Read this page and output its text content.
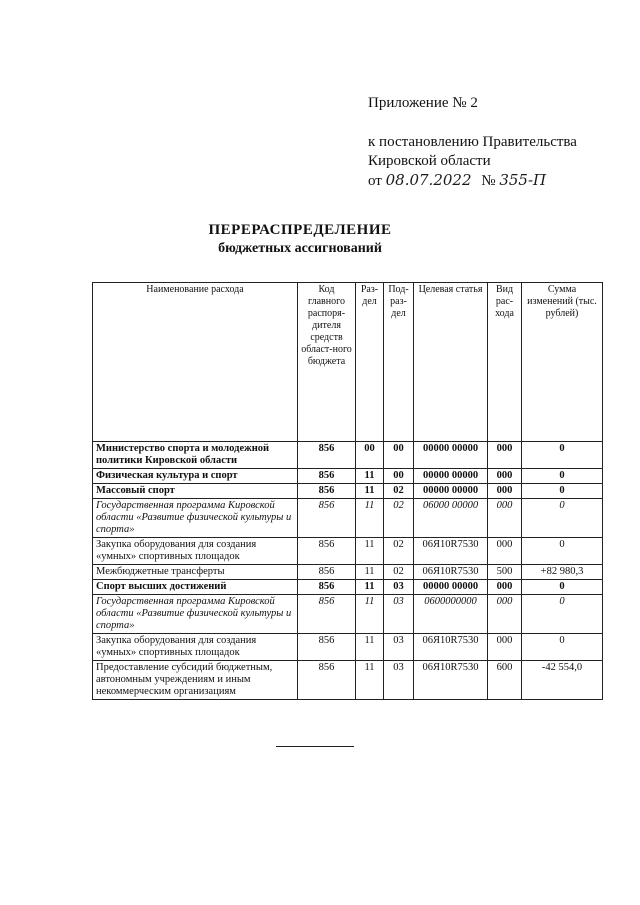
Приложение № 2
к постановлению Правительства
Кировской области
от 08.07.2022 № 355-П
ПЕРЕРАСПРЕДЕЛЕНИЕ
бюджетных ассигнований
Наименование расхода	Код главного распоря-дителя средств област-ного бюджета	Раз-дел	Под-раз-дел	Целевая статья	Вид рас-хода	Сумма изменений (тыс. рублей)
Министерство спорта и молодежной политики Кировской области	856	00	00	00000 00000	000	0
Физическая культура и спорт	856	11	00	00000 00000	000	0
Массовый спорт	856	11	02	00000 00000	000	0
Государственная программа Кировской области «Развитие физической культуры и спорта»	856	11	02	06000 00000	000	0
Закупка оборудования для создания «умных» спортивных площадок	856	11	02	06Я10R7530	000	0
Межбюджетные трансферты	856	11	02	06Я10R7530	500	+82 980,3
Спорт высших достижений	856	11	03	00000 00000	000	0
Государственная программа Кировской области «Развитие физической культуры и спорта»	856	11	03	0600000000	000	0
Закупка оборудования для создания «умных» спортивных площадок	856	11	03	06Я10R7530	000	0
Предоставление субсидий бюджетным, автономным учреждениям и иным некоммерческим организациям	856	11	03	06Я10R7530	600	-42 554,0
